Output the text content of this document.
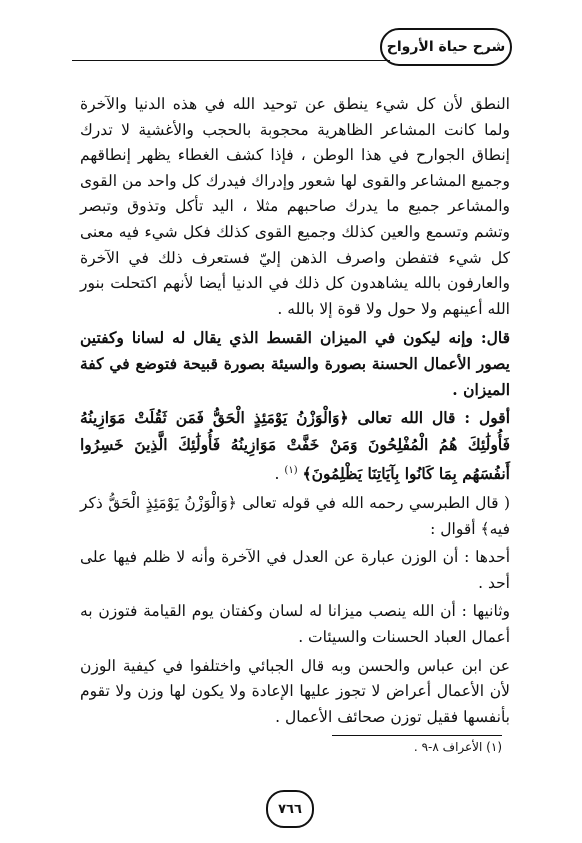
شرح حياة الأرواح

النطق لأن كل شيء ينطق عن توحيد الله في هذه الدنيا والآخرة ولما كانت المشاعر الظاهرية محجوبة بالحجب والأغشية لا تدرك إنطاق الجوارح في هذا الوطن ، فإذا كشف الغطاء يظهر إنطاقهم وجميع المشاعر والقوى لها شعور وإدراك فيدرك كل واحد من القوى والمشاعر جميع ما يدرك صاحبهم مثلا ، اليد تأكل وتذوق وتبصر وتشم وتسمع والعين كذلك وجميع القوى كذلك فكل شيء فيه معنى كل شيء فتفطن واصرف الذهن إليّ فستعرف ذلك في الآخرة والعارفون بالله يشاهدون كل ذلك في الدنيا أيضا لأنهم اكتحلت بنور الله أعينهم ولا حول ولا قوة إلا بالله .

قال: وإنه ليكون في الميزان القسط الذي يقال له لسانا وكفتين يصور الأعمال الحسنة بصورة والسيئة بصورة قبيحة فتوضع في كفة الميزان .

أقول : قال الله تعالى ﴿وَالْوَزْنُ يَوْمَئِذٍ الْحَقُّ فَمَن ثَقُلَتْ مَوَازِينُهُ فَأُولَٰئِكَ هُمُ الْمُفْلِحُونَ وَمَنْ خَفَّتْ مَوَازِينُهُ فَأُولَٰئِكَ الَّذِينَ خَسِرُوا أَنفُسَهُم بِمَا كَانُوا بِآيَاتِنَا يَظْلِمُونَ﴾ $^{(١)}$ .

( قال الطبرسي رحمه الله في قوله تعالى ﴿وَالْوَزْنُ يَوْمَئِذٍ الْحَقُّ ذكر فيه﴾ أقوال :

أحدها : أن الوزن عبارة عن العدل في الآخرة وأنه لا ظلم فيها على أحد .

وثانيها : أن الله ينصب ميزانا له لسان وكفتان يوم القيامة فتوزن به أعمال العباد الحسنات والسيئات .

عن ابن عباس والحسن وبه قال الجبائي واختلفوا في كيفية الوزن لأن الأعمال أعراض لا تجوز عليها الإعادة ولا يكون لها وزن ولا تقوم بأنفسها فقيل توزن صحائف الأعمال .

(١) الأعراف ٨-٩ .
٧٦٦
